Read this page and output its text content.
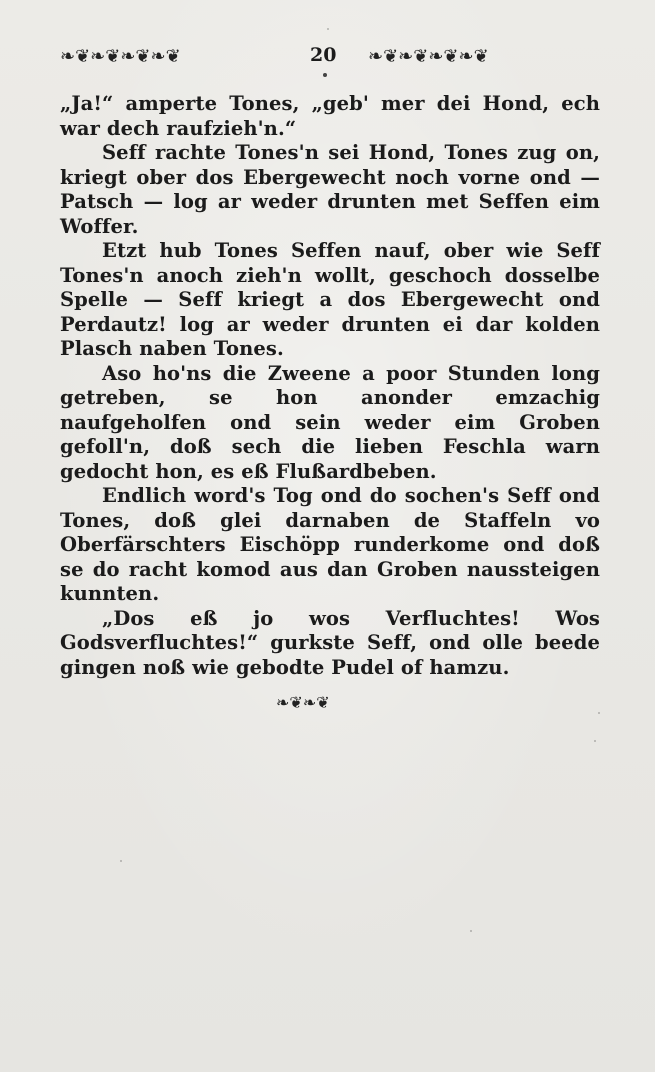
❧❦❧❦❧❦❧❦	20 ❧❦❧❦❧❦❧❦

„Ja!“ amperte Tones, „geb' mer dei Hond, ech war dech raufzieh'n.“

Seff rachte Tones'n sei Hond, Tones zug on, kriegt ober dos Ebergewecht noch vorne ond — Patsch — log ar weder drunten met Seffen eim Woffer.

Etzt hub Tones Seffen nauf, ober wie Seff Tones'n anoch zieh'n wollt, geschoch dosselbe Spelle — Seff kriegt a dos Ebergewecht ond Perdautz! log ar weder drunten ei dar kolden Plasch naben Tones.

Aso ho'ns die Zweene a poor Stunden long getreben, se hon anonder emzachig naufgeholfen ond sein weder eim Groben gefoll'n, doß sech die lieben Feschla warn gedocht hon, es eß Flußardbeben.

Endlich word's Tog ond do sochen's Seff ond Tones, doß glei darnaben de Staffeln vo Oberfärschters Eischöpp runderkome ond doß se do racht komod aus dan Groben naussteigen kunnten.

„Dos eß jo wos Verfluchtes! Wos Godsverfluchtes!“ gurkste Seff, ond olle beede gingen noß wie gebodte Pudel of hamzu.

❧❦❧❦
